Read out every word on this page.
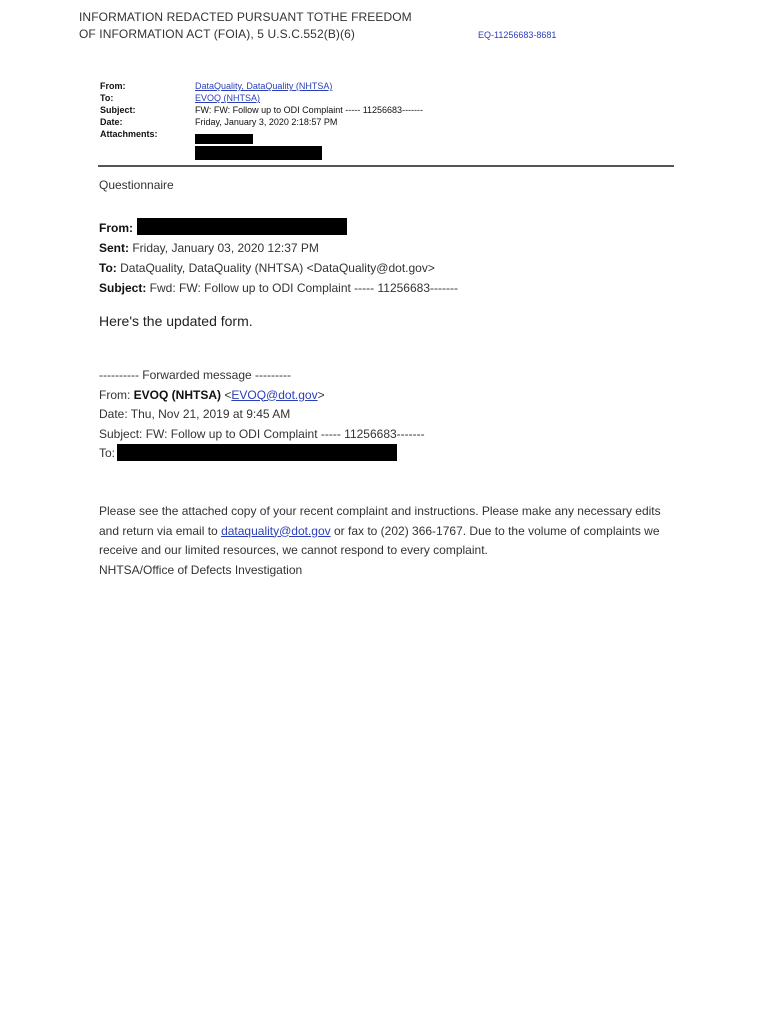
INFORMATION REDACTED PURSUANT TOTHE FREEDOM
OF INFORMATION ACT (FOIA), 5 U.S.C.552(B)(6)	EQ-11256683-8681
From:	DataQuality, DataQuality (NHTSA)
To:	EVOQ (NHTSA)
Subject:	FW: FW: Follow up to ODI Complaint ----- 11256683-------
Date:	Friday, January 3, 2020 2:18:57 PM
Attachments:
Questionnaire
From:
Sent: Friday, January 03, 2020 12:37 PM
To: DataQuality, DataQuality (NHTSA) <DataQuality@dot.gov>
Subject: Fwd: FW: Follow up to ODI Complaint ----- 11256683-------
Here's the updated form.
---------- Forwarded message ---------
From: EVOQ (NHTSA) <EVOQ@dot.gov>
Date: Thu, Nov 21, 2019 at 9:45 AM
Subject: FW: Follow up to ODI Complaint ----- 11256683-------
To:

Please see the attached copy of your recent complaint and instructions. Please make any necessary edits and return via email to dataquality@dot.gov or fax to (202) 366-1767. Due to the volume of complaints we receive and our limited resources, we cannot respond to every complaint.

NHTSA/Office of Defects Investigation
